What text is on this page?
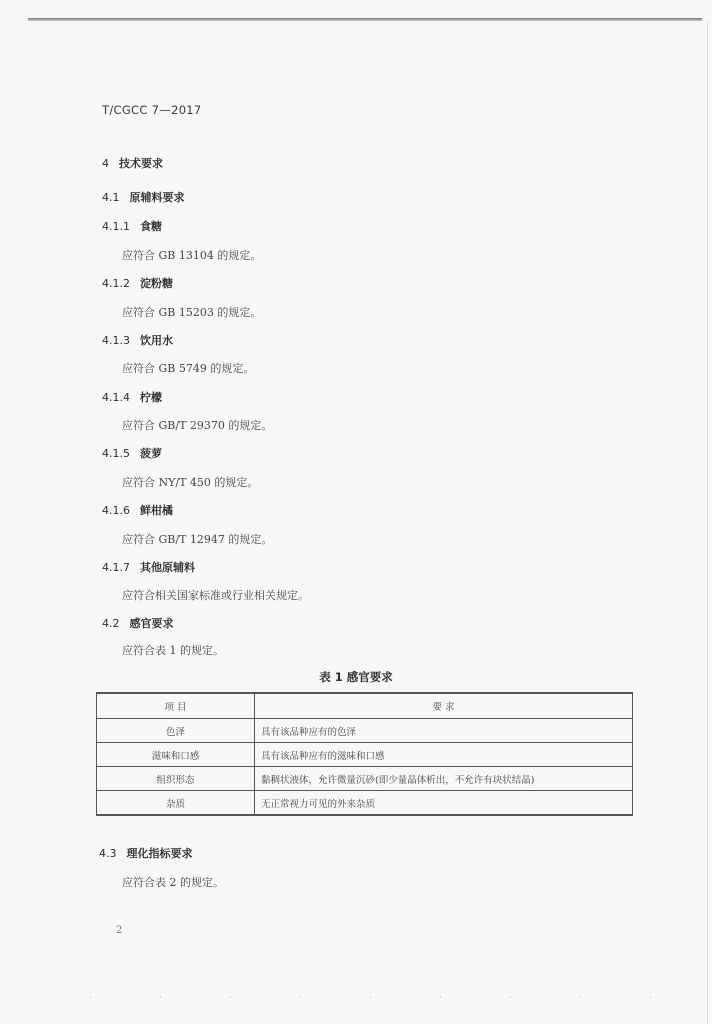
T/CGCC 7—2017
4 技术要求
4.1 原辅料要求
4.1.1 食糖
应符合 GB 13104 的规定。
4.1.2 淀粉糖
应符合 GB 15203 的规定。
4.1.3 饮用水
应符合 GB 5749 的规定。
4.1.4 柠檬
应符合 GB/T 29370 的规定。
4.1.5 菠萝
应符合 NY/T 450 的规定。
4.1.6 鲜柑橘
应符合 GB/T 12947 的规定。
4.1.7 其他原辅料
应符合相关国家标准或行业相关规定。
4.2 感官要求
应符合表 1 的规定。
表 1 感官要求
项 目	要 求
色泽	具有该品种应有的色泽
滋味和口感	具有该品种应有的滋味和口感
组织形态	黏稠状液体，允许微量沉砂(即少量晶体析出，不允许有块状结晶)
杂质	无正常视力可见的外来杂质
4.3 理化指标要求
应符合表 2 的规定。
2
